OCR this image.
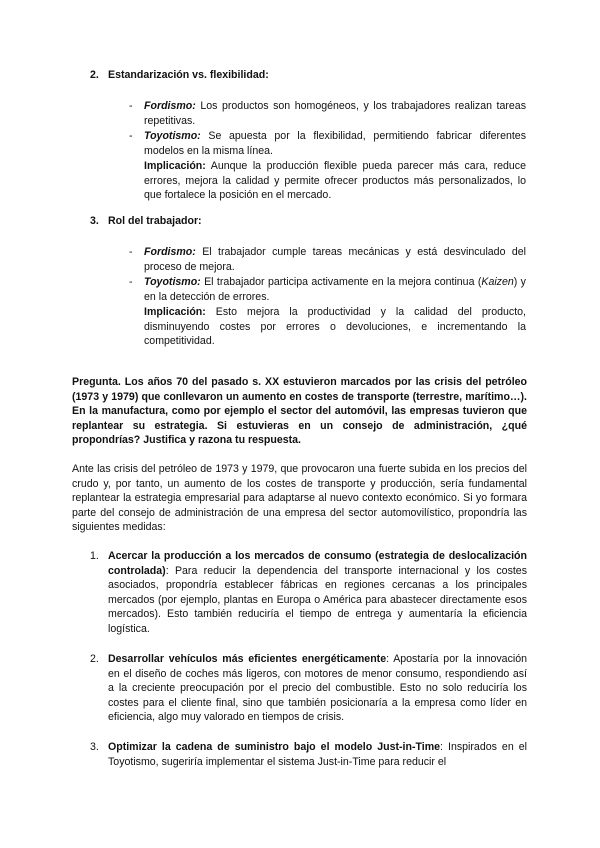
2. Estandarización vs. flexibilidad:
- Fordismo: Los productos son homogéneos, y los trabajadores realizan tareas repetitivas.
- Toyotismo: Se apuesta por la flexibilidad, permitiendo fabricar diferentes modelos en la misma línea.
Implicación: Aunque la producción flexible pueda parecer más cara, reduce errores, mejora la calidad y permite ofrecer productos más personalizados, lo que fortalece la posición en el mercado.
3. Rol del trabajador:
- Fordismo: El trabajador cumple tareas mecánicas y está desvinculado del proceso de mejora.
- Toyotismo: El trabajador participa activamente en la mejora continua (Kaizen) y en la detección de errores.
Implicación: Esto mejora la productividad y la calidad del producto, disminuyendo costes por errores o devoluciones, e incrementando la competitividad.
Pregunta. Los años 70 del pasado s. XX estuvieron marcados por las crisis del petróleo (1973 y 1979) que conllevaron un aumento en costes de transporte (terrestre, marítimo…). En la manufactura, como por ejemplo el sector del automóvil, las empresas tuvieron que replantear su estrategia. Si estuvieras en un consejo de administración, ¿qué propondrías? Justifica y razona tu respuesta.
Ante las crisis del petróleo de 1973 y 1979, que provocaron una fuerte subida en los precios del crudo y, por tanto, un aumento de los costes de transporte y producción, sería fundamental replantear la estrategia empresarial para adaptarse al nuevo contexto económico. Si yo formara parte del consejo de administración de una empresa del sector automovilístico, propondría las siguientes medidas:
1. Acercar la producción a los mercados de consumo (estrategia de deslocalización controlada): Para reducir la dependencia del transporte internacional y los costes asociados, propondría establecer fábricas en regiones cercanas a los principales mercados (por ejemplo, plantas en Europa o América para abastecer directamente esos mercados). Esto también reduciría el tiempo de entrega y aumentaría la eficiencia logística.
2. Desarrollar vehículos más eficientes energéticamente: Apostaría por la innovación en el diseño de coches más ligeros, con motores de menor consumo, respondiendo así a la creciente preocupación por el precio del combustible. Esto no solo reduciría los costes para el cliente final, sino que también posicionaría a la empresa como líder en eficiencia, algo muy valorado en tiempos de crisis.
3. Optimizar la cadena de suministro bajo el modelo Just-in-Time: Inspirados en el Toyotismo, sugeriría implementar el sistema Just-in-Time para reducir el
